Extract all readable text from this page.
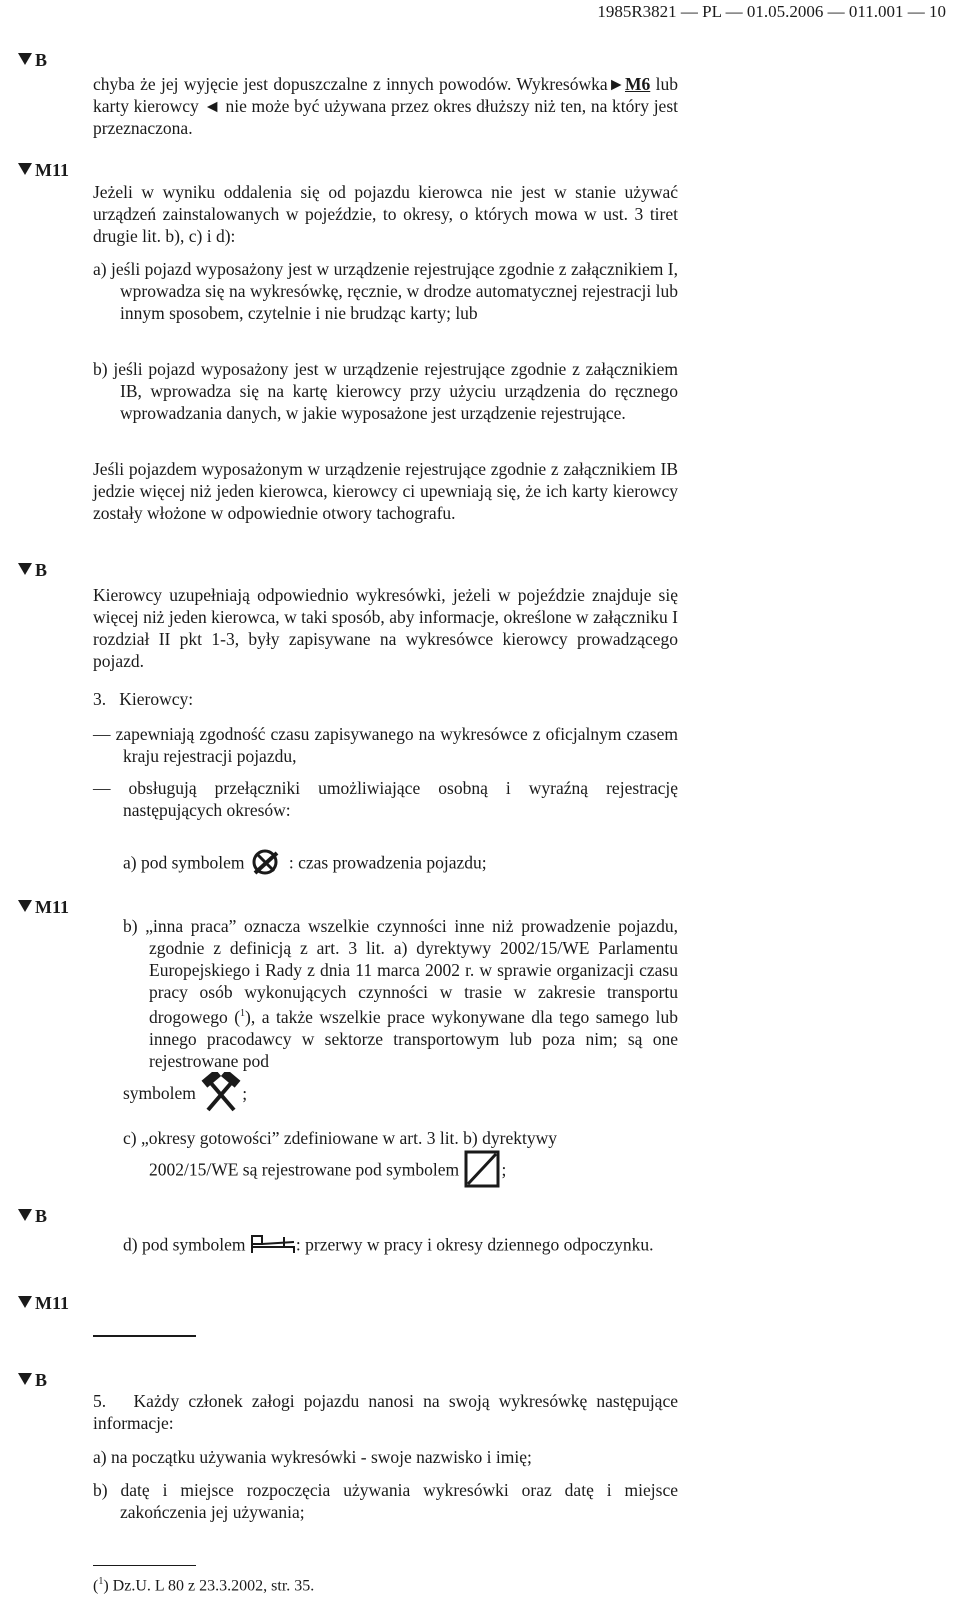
1985R3821 — PL — 01.05.2006 — 011.001 — 10
B
M11
B
M11
B
M11
B
chyba że jej wyjęcie jest dopuszczalne z innych powodów. Wykresówka►M6 lub karty kierowcy ◄ nie może być używana przez okres dłuższy niż ten, na który jest przeznaczona.
Jeżeli w wyniku oddalenia się od pojazdu kierowca nie jest w stanie używać urządzeń zainstalowanych w pojeździe, to okresy, o których mowa w ust. 3 tiret drugie lit. b), c) i d):
a) jeśli pojazd wyposażony jest w urządzenie rejestrujące zgodnie z załącznikiem I, wprowadza się na wykresówkę, ręcznie, w drodze automatycznej rejestracji lub innym sposobem, czytelnie i nie brudząc karty; lub
b) jeśli pojazd wyposażony jest w urządzenie rejestrujące zgodnie z załącznikiem IB, wprowadza się na kartę kierowcy przy użyciu urządzenia do ręcznego wprowadzania danych, w jakie wyposażone jest urządzenie rejestrujące.
Jeśli pojazdem wyposażonym w urządzenie rejestrujące zgodnie z załącznikiem IB jedzie więcej niż jeden kierowca, kierowcy ci upewniają się, że ich karty kierowcy zostały włożone w odpowiednie otwory tachografu.
Kierowcy uzupełniają odpowiednio wykresówki, jeżeli w pojeździe znajduje się więcej niż jeden kierowca, w taki sposób, aby informacje, określone w załączniku I rozdział II pkt 1-3, były zapisywane na wykresówce kierowcy prowadzącego pojazd.
3.   Kierowcy:
— zapewniają zgodność czasu zapisywanego na wykresówce z oficjalnym czasem kraju rejestracji pojazdu,
— obsługują przełączniki umożliwiające osobną i wyraźną rejestrację następujących okresów:
a) pod symbolem	: czas prowadzenia pojazdu;
b) „inna praca” oznacza wszelkie czynności inne niż prowadzenie pojazdu, zgodnie z definicją z art. 3 lit. a) dyrektywy 2002/15/WE Parlamentu Europejskiego i Rady z dnia 11 marca 2002 r. w sprawie organizacji czasu pracy osób wykonujących czynności w trasie w zakresie transportu drogowego ($^1$), a także wszelkie prace wykonywane dla tego samego lub innego pracodawcy w sektorze transportowym lub poza nim; są one rejestrowane pod
symbolem	;
c) „okresy gotowości” zdefiniowane w art. 3 lit. b) dyrektywy
2002/15/WE są rejestrowane pod symbolem ;
d) pod symbolem	: przerwy w pracy i okresy dziennego odpoczynku.
5.   Każdy członek załogi pojazdu nanosi na swoją wykresówkę następujące informacje:
a) na początku używania wykresówki - swoje nazwisko i imię;
b) datę i miejsce rozpoczęcia używania wykresówki oraz datę i miejsce zakończenia jej używania;
($^1$) Dz.U. L 80 z 23.3.2002, str. 35.
